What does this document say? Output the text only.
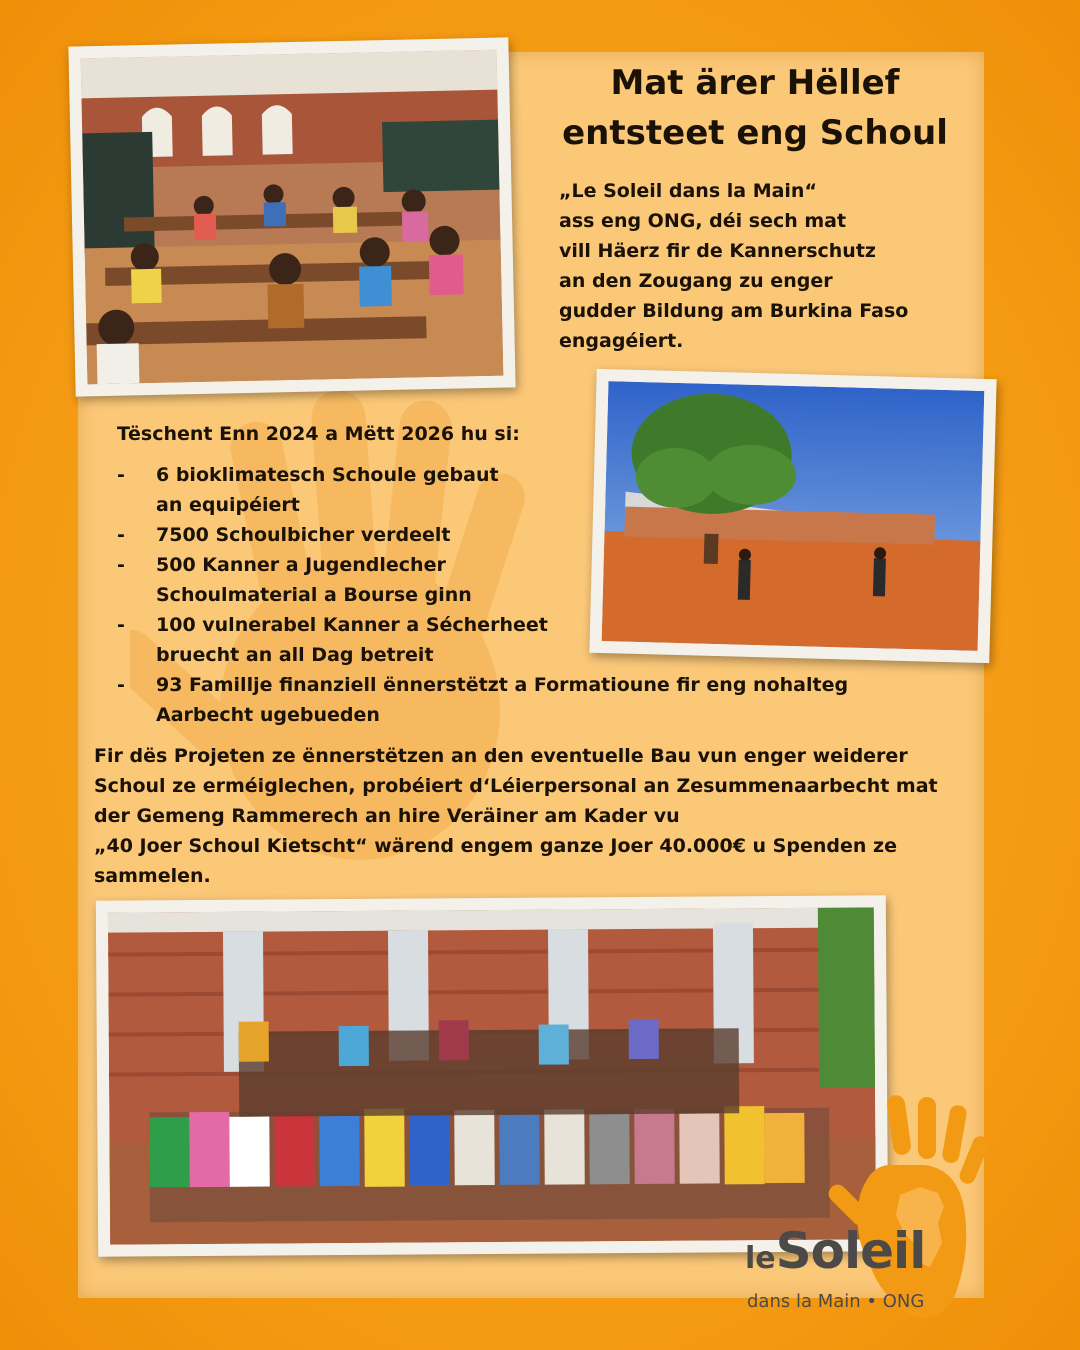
Mat ärer Hëllef
entsteet eng Schoul
„Le Soleil dans la Main“
ass eng ONG, déi sech mat
vill Häerz fir de Kannerschutz
an den Zougang zu enger
gudder Bildung am Burkina Faso
engagéiert.
Tëschent Enn 2024 a Mëtt 2026 hu si:
- 6 bioklimatesch Schoule gebaut
an equipéiert
- 7500 Schoulbicher verdeelt
- 500 Kanner a Jugendlecher
Schoulmaterial a Bourse ginn
- 100 vulnerabel Kanner a Sécherheet
bruecht an all Dag betreit
- 93 Famillje finanziell ënnerstëtzt a Formatioune fir eng nohalteg
Aarbecht ugebueden
Fir dës Projeten ze ënnerstëtzen an den eventuelle Bau vun enger weiderer
Schoul ze erméiglechen, probéiert d‘Léierpersonal an Zesummenaarbecht mat
der Gemeng Rammerech an hire Veräiner am Kader vu
„40 Joer Schoul Kietscht“ wärend engem ganze Joer 40.000€ u Spenden ze
sammelen.
leSoleil
dans la Main • ONG
